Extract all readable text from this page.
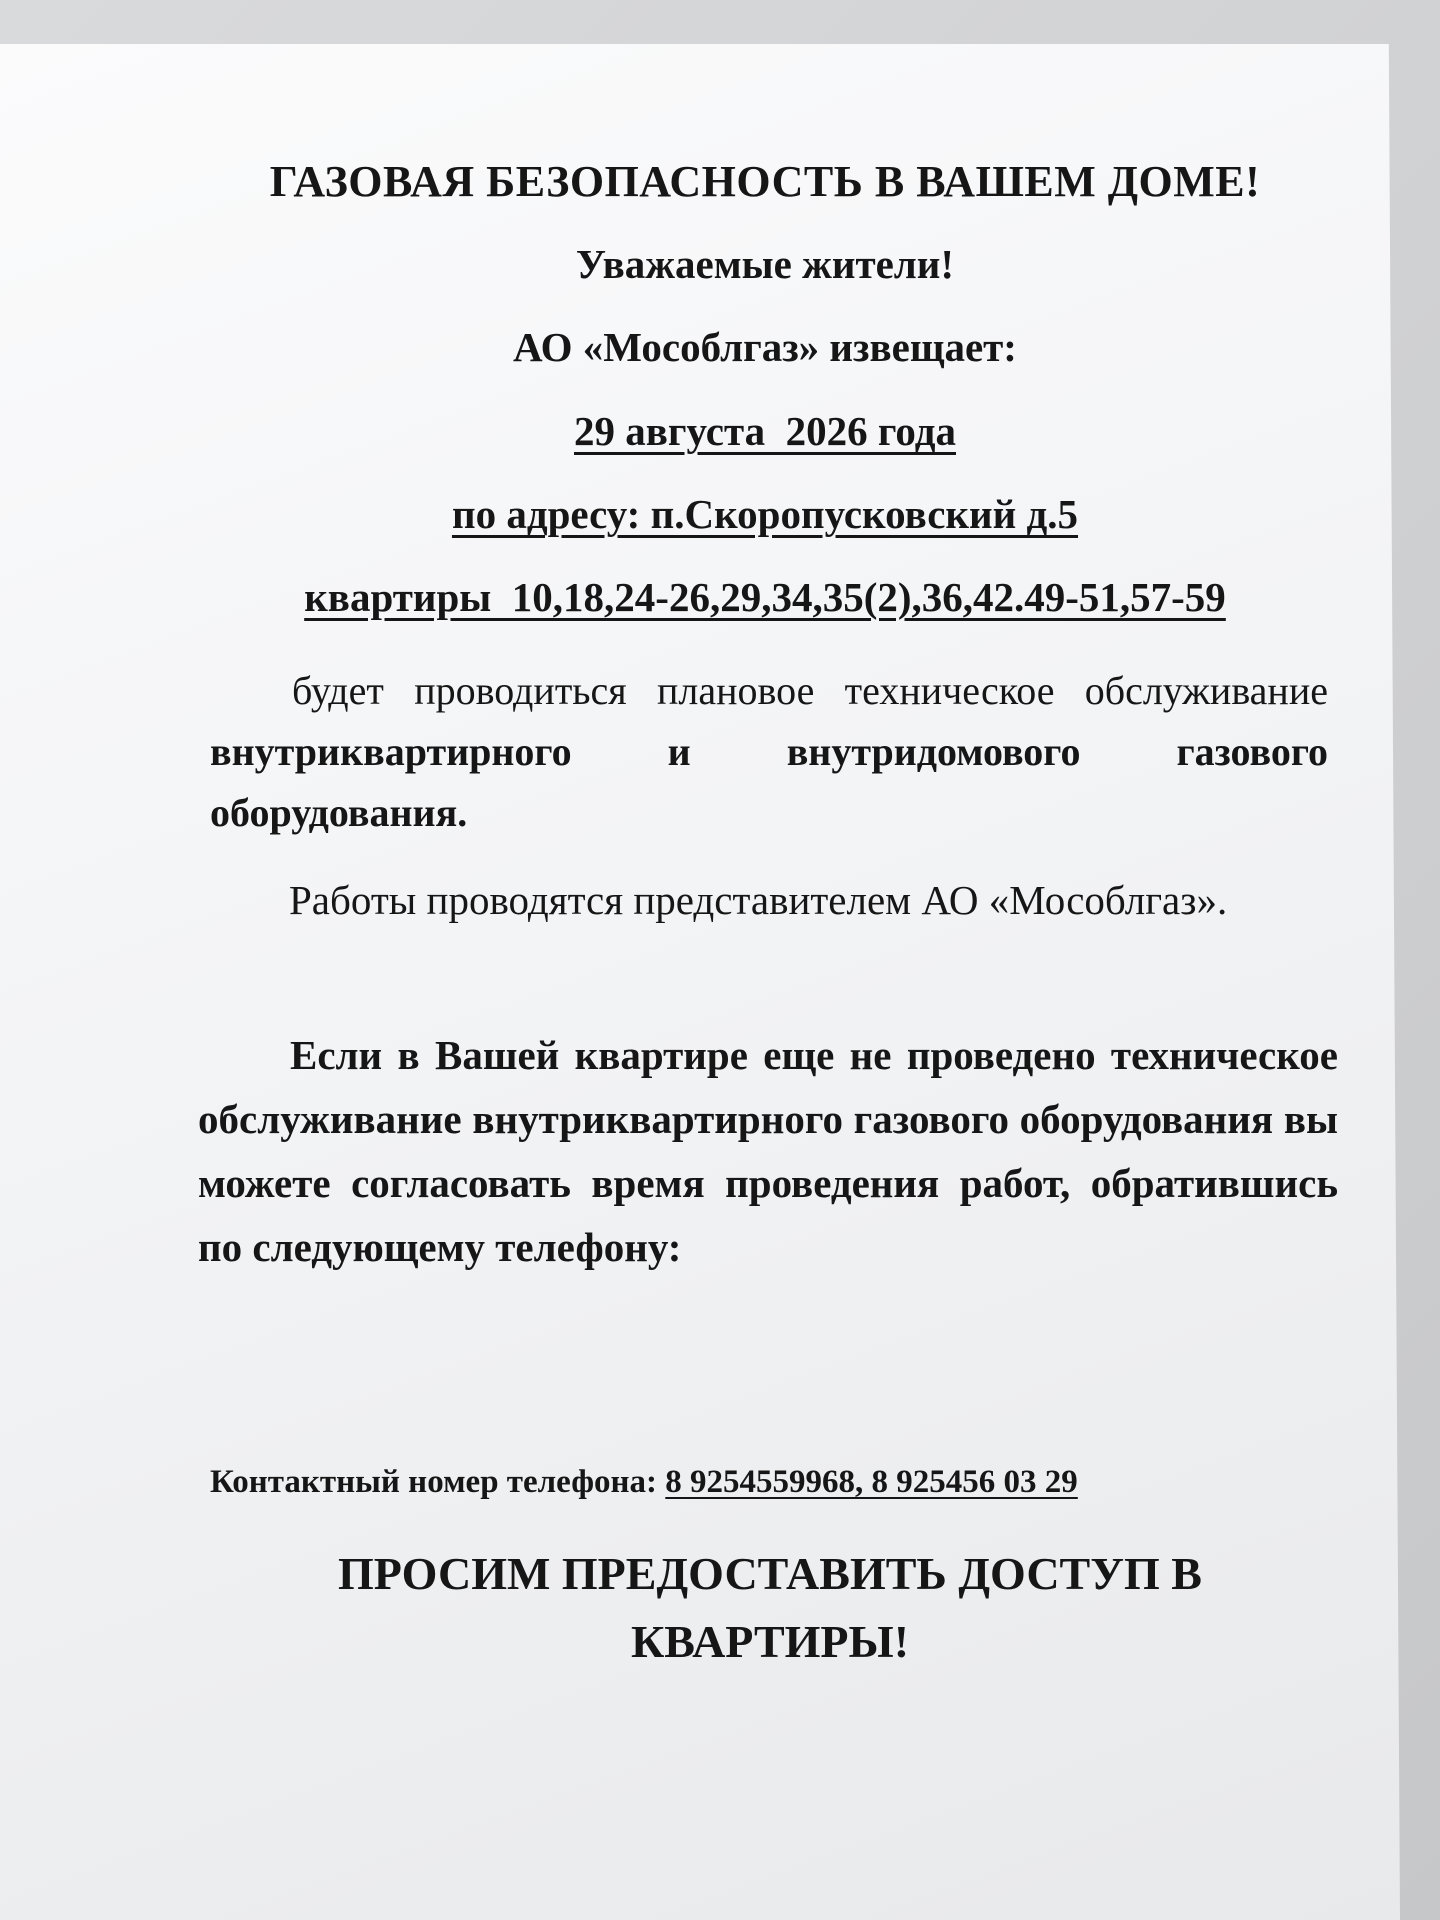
ГАЗОВАЯ БЕЗОПАСНОСТЬ В ВАШЕМ ДОМЕ!
Уважаемые жители!
АО «Мособлгаз» извещает:
29 августа  2026 года
по адресу: п.Скоропусковский д.5
квартиры  10,18,24-26,29,34,35(2),36,42.49-51,57-59
будет проводиться плановое техническое обслуживание внутриквартирного и внутридомового газового оборудования.
Работы проводятся представителем АО «Мособлгаз».
Если в Вашей квартире еще не проведено техническое обслуживание внутриквартирного газового оборудования вы можете согласовать время проведения работ, обратившись по следующему телефону:
Контактный номер телефона: 8 9254559968, 8 925456 03 29
ПРОСИМ ПРЕДОСТАВИТЬ ДОСТУП В КВАРТИРЫ!
